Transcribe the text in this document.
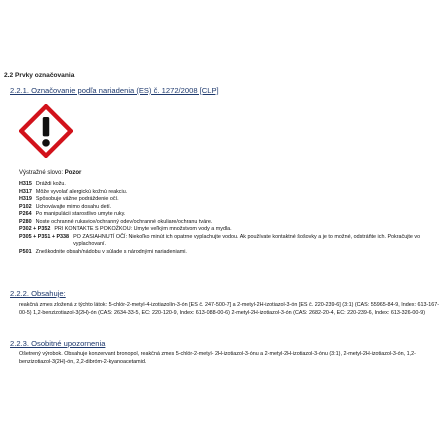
2.2 Prvky označovania
2.2.1. Označovanie podľa nariadenia (ES) č. 1272/2008 [CLP]
Výstražné slovo: Pozor
H315 Dráždi kožu.
H317 Môže vyvolať alergickú kožnú reakciu.
H319 Spôsobuje vážne podráždenie očí.
P102 Uchovávajte mimo dosahu detí.
P264 Po manipulácii starostlivo umyte ruky.
P280 Noste ochranné rukavice/ochranný odev/ochranné okuliare/ochranu tváre.
P302 + P352 PRI KONTAKTE S POKOŽKOU: Umyte veľkým množstvom vody a mydla.
P305 + P351 + P338 PO ZASIAHNUTÍ OČÍ: Niekoľko minút ich opatrne vyplachujte vodou. Ak používate kontaktné šošovky a je to možné, odstráňte ich. Pokračujte vo vyplachovaní.
P501 Zneškodnite obsah/nádobu v súlade s národnými nariadeniami.
2.2.2. Obsahuje:
reakčná zmes zložená z týchto látok: 5-chlór-2-metyl-4-izotiazolín-3-ón [ES č. 247-500-7] a 2-metyl-2H-izotiazol-3-ón [ES č. 220-239-6] (3:1) (CAS: 55965-84-9, Index: 613-167-00-5) 1,2-benzizotiazol-3(2H)-ón (CAS: 2634-33-5, EC: 220-120-9, Index: 613-088-00-6) 2-metyl-2H-izotiazol-3-ón (CAS: 2682-20-4, EC: 220-239-6, Index: 613-326-00-9)
2.2.3. Osobitné upozornenia
Ošetrený výrobok. Obsahuje konzervant bronopol, reakčná zmes 5-chlór-2-metyl- 2H-izotiazol-3-ónu a 2-metyl-2H-izotiazol-3-ónu (3:1), 2-metyl-2H-izotiazol-3-ón, 1,2-benzizotiazol-3(2H)-ón, 2,2-dibróm-2-kyanoacetamid.
